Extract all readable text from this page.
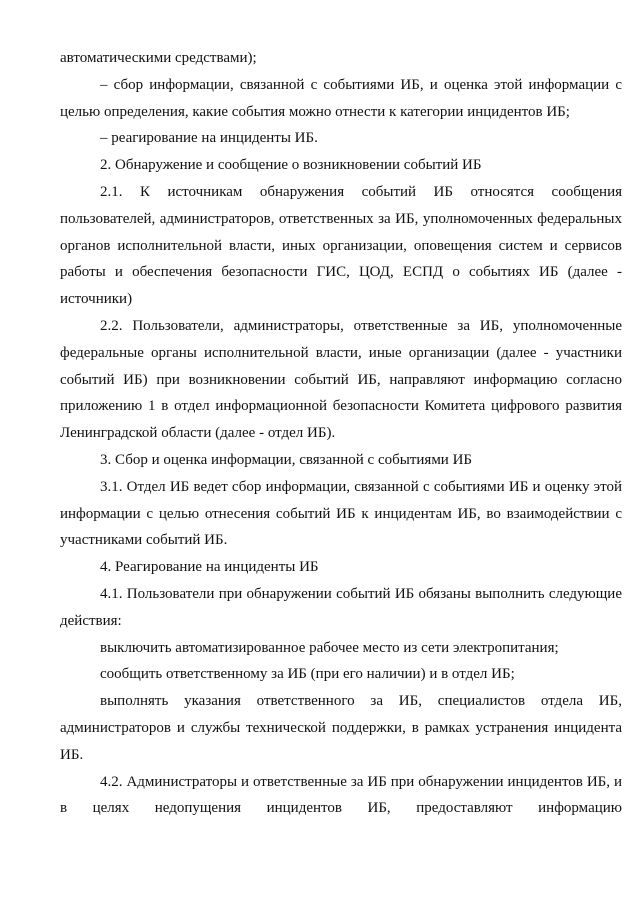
автоматическими средствами);

– сбор информации, связанной с событиями ИБ, и оценка этой информации с целью определения, какие события можно отнести к категории инцидентов ИБ;

– реагирование на инциденты ИБ.

2. Обнаружение и сообщение о возникновении событий ИБ

2.1. К источникам обнаружения событий ИБ относятся сообщения пользователей, администраторов, ответственных за ИБ, уполномоченных федеральных органов исполнительной власти, иных организации, оповещения систем и сервисов работы и обеспечения безопасности ГИС, ЦОД, ЕСПД о событиях ИБ (далее - источники)

2.2. Пользователи, администраторы, ответственные за ИБ, уполномоченные федеральные органы исполнительной власти, иные организации (далее - участники событий ИБ) при возникновении событий ИБ, направляют информацию согласно приложению 1 в отдел информационной безопасности Комитета цифрового развития Ленинградской области (далее - отдел ИБ).

3. Сбор и оценка информации, связанной с событиями ИБ

3.1. Отдел ИБ ведет сбор информации, связанной с событиями ИБ и оценку этой информации с целью отнесения событий ИБ к инцидентам ИБ, во взаимодействии с участниками событий ИБ.

4. Реагирование на инциденты ИБ

4.1. Пользователи при обнаружении событий ИБ обязаны выполнить следующие действия:

выключить автоматизированное рабочее место из сети электропитания;

сообщить ответственному за ИБ (при его наличии) и в отдел ИБ;

выполнять указания ответственного за ИБ, специалистов отдела ИБ, администраторов и службы технической поддержки, в рамках устранения инцидента ИБ.

4.2. Администраторы и ответственные за ИБ при обнаружении инцидентов ИБ, и в целях недопущения инцидентов ИБ, предоставляют информацию
